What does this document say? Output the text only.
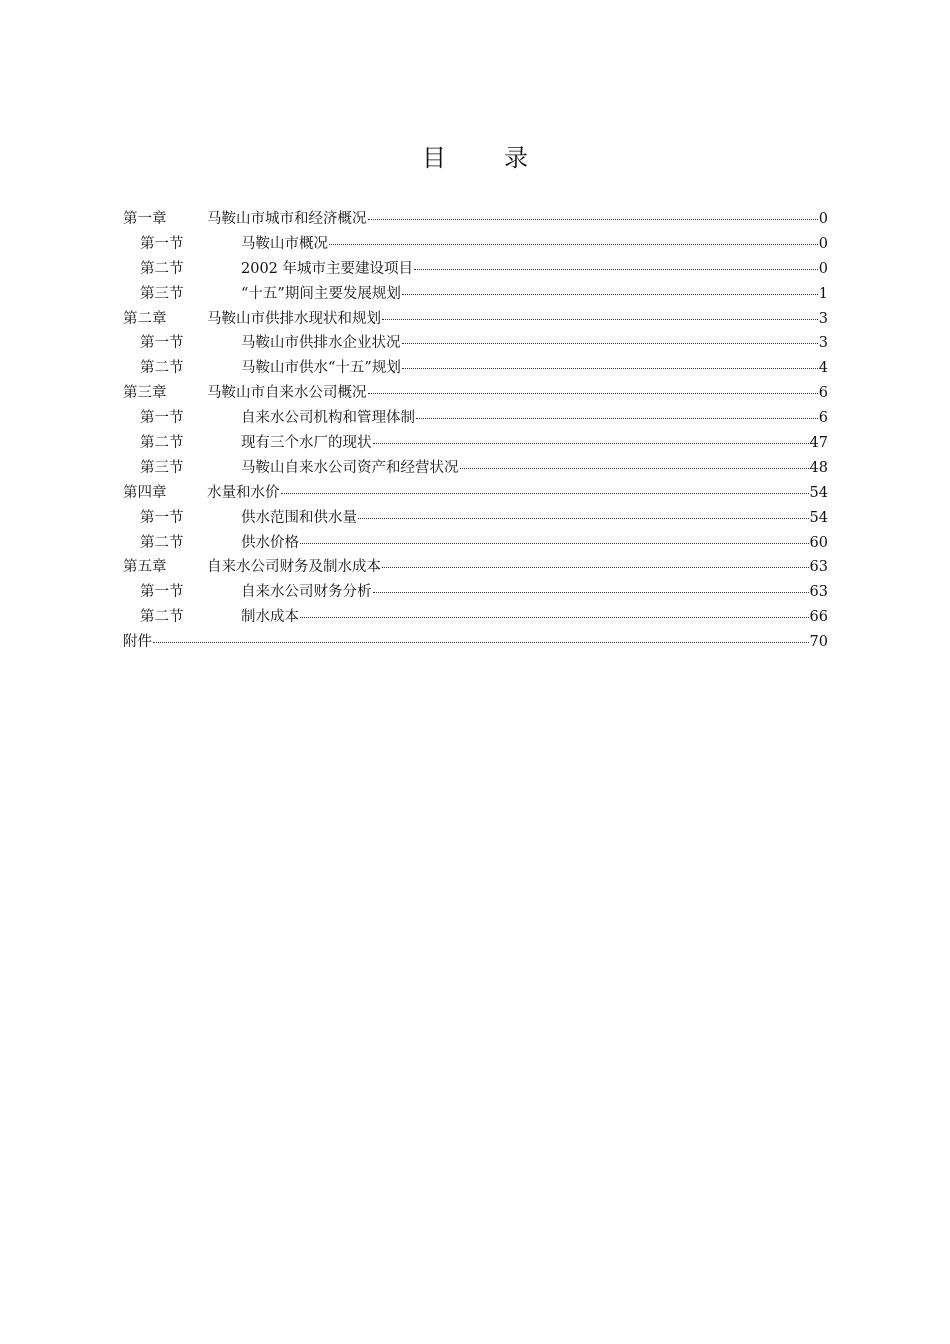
目 录
第一章	马鞍山市城市和经济概况	0
第一节	马鞍山市概况	0
第二节	2002 年城市主要建设项目	0
第三节	“十五”期间主要发展规划	1
第二章	马鞍山市供排水现状和规划	3
第一节	马鞍山市供排水企业状况	3
第二节	马鞍山市供水“十五”规划	4
第三章	马鞍山市自来水公司概况	6
第一节	自来水公司机构和管理体制	6
第二节	现有三个水厂的现状	47
第三节	马鞍山自来水公司资产和经营状况	48
第四章	水量和水价	54
第一节	供水范围和供水量	54
第二节	供水价格	60
第五章	自来水公司财务及制水成本	63
第一节	自来水公司财务分析	63
第二节	制水成本	66
附件	70
